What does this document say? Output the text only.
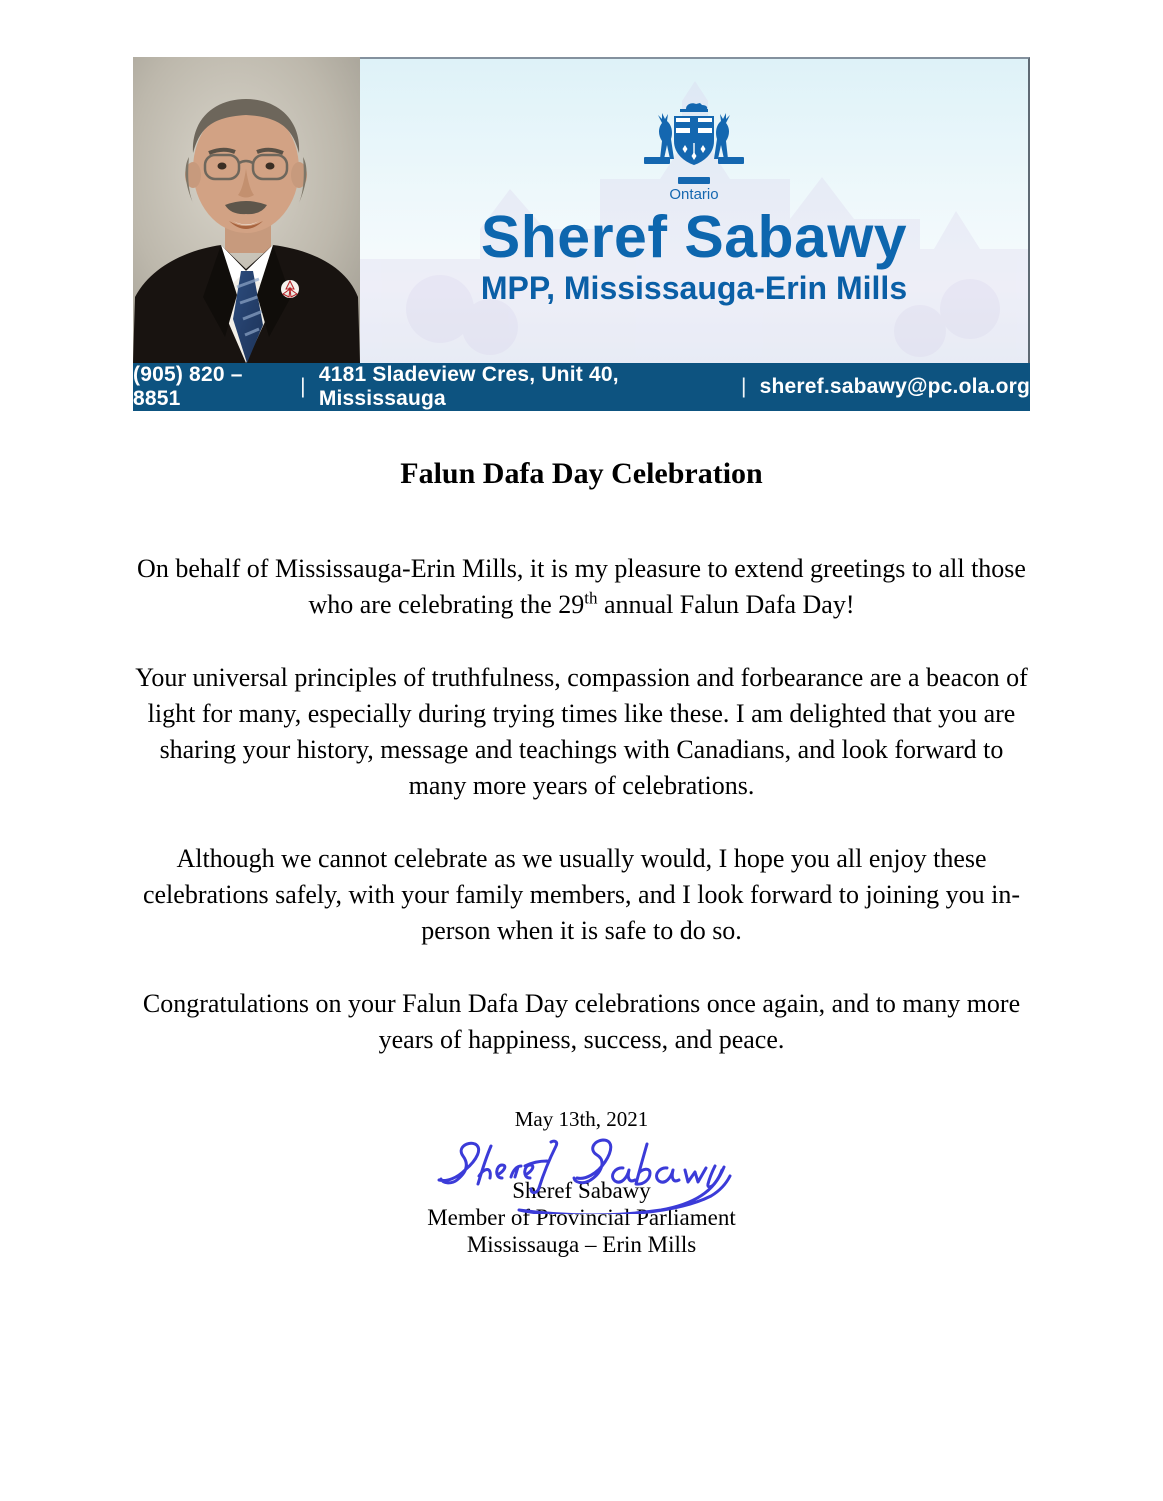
Ontario
Sheref Sabawy
MPP, Mississauga-Erin Mills
(905) 820 – 8851
|
4181 Sladeview Cres, Unit 40, Mississauga
| sheref.sabawy@pc.ola.org
Falun Dafa Day Celebration

On behalf of Mississauga-Erin Mills, it is my pleasure to extend greetings to all those who are celebrating the 29th annual Falun Dafa Day!

Your universal principles of truthfulness, compassion and forbearance are a beacon of light for many, especially during trying times like these. I am delighted that you are sharing your history, message and teachings with Canadians, and look forward to many more years of celebrations.

Although we cannot celebrate as we usually would, I hope you all enjoy these celebrations safely, with your family members, and I look forward to joining you in-person when it is safe to do so.

Congratulations on your Falun Dafa Day celebrations once again, and to many more years of happiness, success, and peace.

May 13th, 2021
Sheref Sabawy
Member of Provincial Parliament
Mississauga – Erin Mills
